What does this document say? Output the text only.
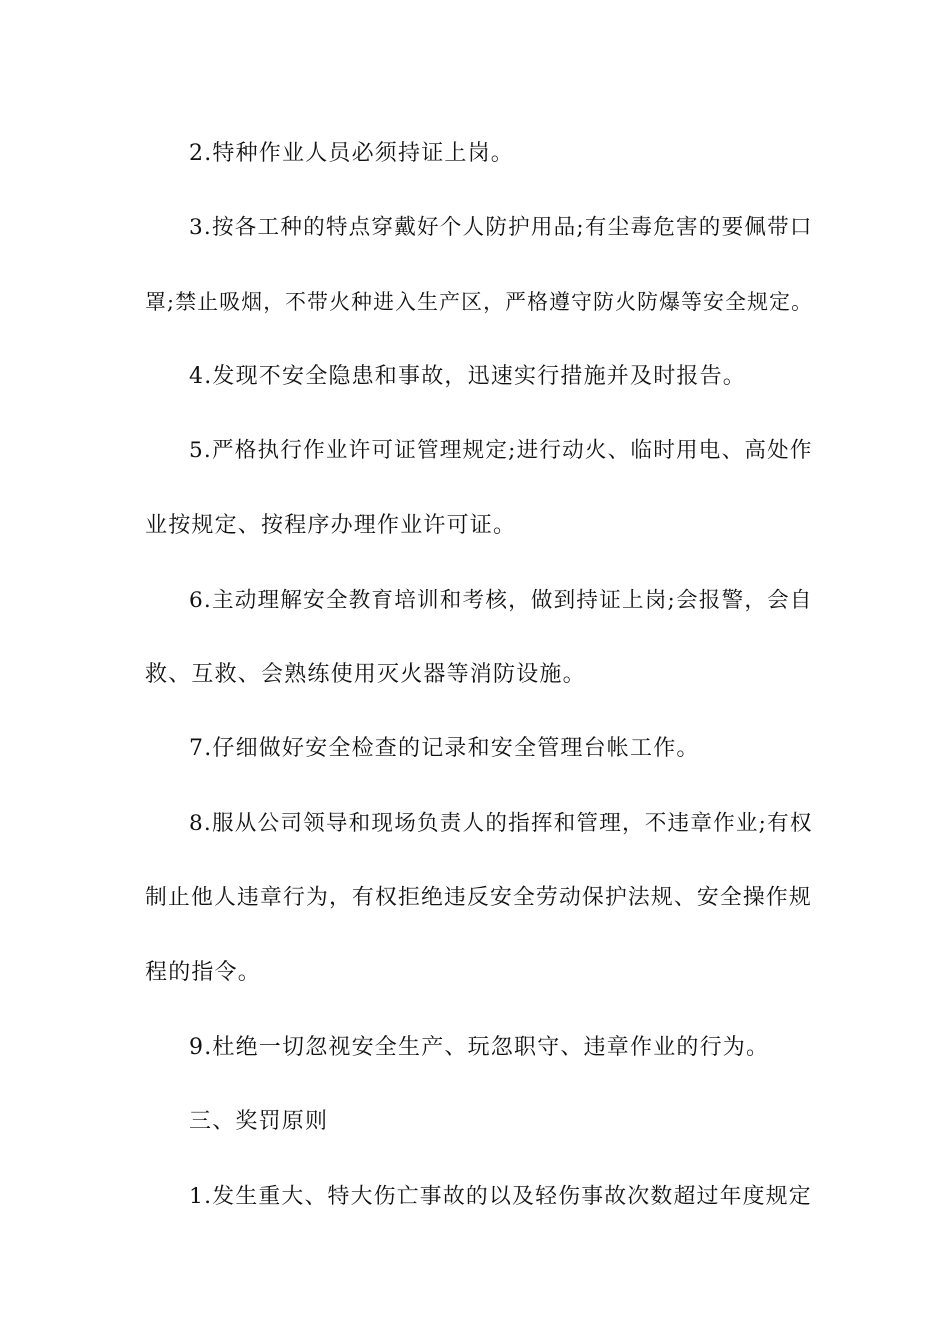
2.特种作业人员必须持证上岗。

3.按各工种的特点穿戴好个人防护用品;有尘毒危害的要佩带口

罩;禁止吸烟，不带火种进入生产区，严格遵守防火防爆等安全规定。

4.发现不安全隐患和事故，迅速实行措施并及时报告。

5.严格执行作业许可证管理规定;进行动火、临时用电、高处作

业按规定、按程序办理作业许可证。

6.主动理解安全教育培训和考核，做到持证上岗;会报警，会自

救、互救、会熟练使用灭火器等消防设施。

7.仔细做好安全检查的记录和安全管理台帐工作。

8.服从公司领导和现场负责人的指挥和管理，不违章作业;有权

制止他人违章行为，有权拒绝违反安全劳动保护法规、安全操作规

程的指令。

9.杜绝一切忽视安全生产、玩忽职守、违章作业的行为。

三、奖罚原则

1.发生重大、特大伤亡事故的以及轻伤事故次数超过年度规定
